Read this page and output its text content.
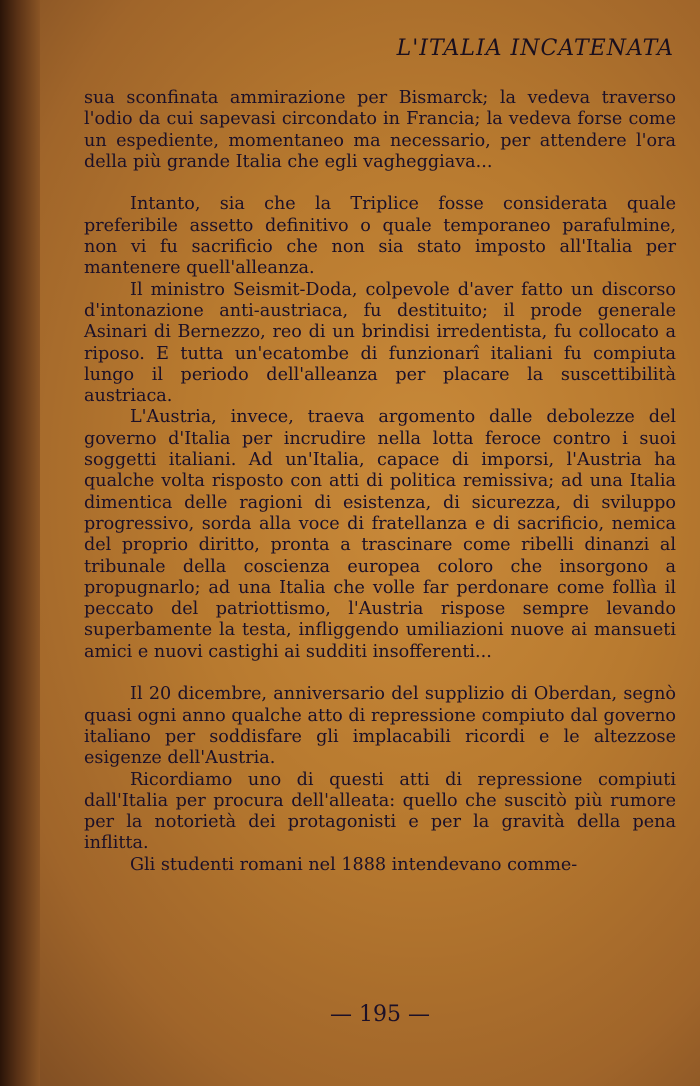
L'ITALIA INCATENATA

sua sconfinata ammirazione per Bismarck; la vedeva traverso l'odio da cui sapevasi circondato in Francia; la vedeva forse come un espediente, momentaneo ma necessario, per attendere l'ora della più grande Italia che egli vagheggiava...

Intanto, sia che la Triplice fosse considerata quale preferibile assetto definitivo o quale temporaneo parafulmine, non vi fu sacrificio che non sia stato imposto all'Italia per mantenere quell'alleanza.

Il ministro Seismit-Doda, colpevole d'aver fatto un discorso d'intonazione anti-austriaca, fu destituito; il prode generale Asinari di Bernezzo, reo di un brindisi irredentista, fu collocato a riposo. E tutta un'ecatombe di funzionarî italiani fu compiuta lungo il periodo dell'alleanza per placare la suscettibilità austriaca.

L'Austria, invece, traeva argomento dalle debolezze del governo d'Italia per incrudire nella lotta feroce contro i suoi soggetti italiani. Ad un'Italia, capace di imporsi, l'Austria ha qualche volta risposto con atti di politica remissiva; ad una Italia dimentica delle ragioni di esistenza, di sicurezza, di sviluppo progressivo, sorda alla voce di fratellanza e di sacrificio, nemica del proprio diritto, pronta a trascinare come ribelli dinanzi al tribunale della coscienza europea coloro che insorgono a propugnarlo; ad una Italia che volle far perdonare come follìa il peccato del patriottismo, l'Austria rispose sempre levando superbamente la testa, infliggendo umiliazioni nuove ai mansueti amici e nuovi castighi ai sudditi insofferenti...

Il 20 dicembre, anniversario del supplizio di Oberdan, segnò quasi ogni anno qualche atto di repressione compiuto dal governo italiano per soddisfare gli implacabili ricordi e le altezzose esigenze dell'Austria.

Ricordiamo uno di questi atti di repressione compiuti dall'Italia per procura dell'alleata: quello che suscitò più rumore per la notorietà dei protagonisti e per la gravità della pena inflitta.

Gli studenti romani nel 1888 intendevano comme-

— 195 —
